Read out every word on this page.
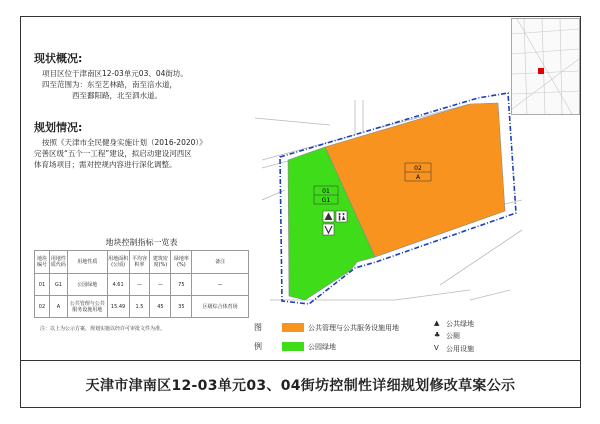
02
A
01
G1
现状概况:

项目区位于津南区12-03单元03、04街坊。

四至范围为：东至艺林路，南至涪水道，

西至鄱阳路，北至泗水道。

规划情况:

按照《天津市全民健身实施计划（2016-2020）》

完善区级“五个一工程”建设，拟启动建设河西区

体育场项目；需对控规内容进行深化调整。

地块控制指标一览表
地块编号	用地性质代码	用地性质	用地面积(公顷)	平均容积率	建筑密度(%)	绿地率(%)	备注
01	G1	公园绿地	4.61	—	—	75	—
02	A	公共管理与公共服务设施用地	15.49	1.5	45	35	区级综合体育场
注：以上为公示方案，规划实施以经许可审批文件为准。	图
例
公共管理与公共服务设施用地
公园绿地
▲ 公共绿地
♣ 公厕
V 公用设施
天津市津南区12-03单元03、04街坊控制性详细规划修改草案公示
